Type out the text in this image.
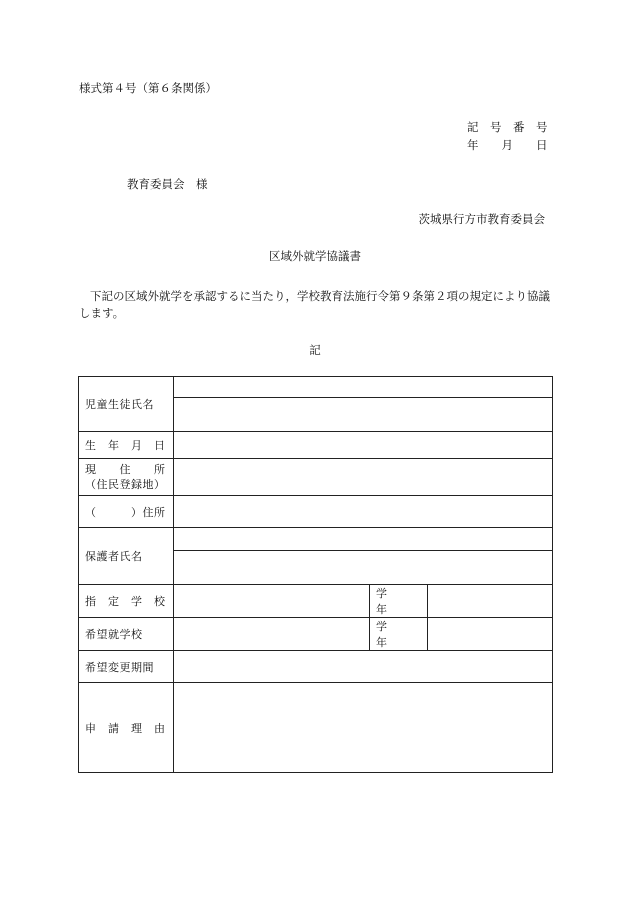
様式第４号（第６条関係）
記　号　番　号
年　　月　　日
教育委員会　様
茨城県行方市教育委員会
区域外就学協議書
下記の区域外就学を承認するに当たり，学校教育法施行令第９条第２項の規定により協議します。
記
児童生徒氏名			

生　年　月　日			

現　　住　　所
（住民登録地）			

（　　　）住所			
保護者氏名			

指　定　学　校		学　　　年	
希望就学校		学　　　年	
希望変更期間			
申　請　理　由			
